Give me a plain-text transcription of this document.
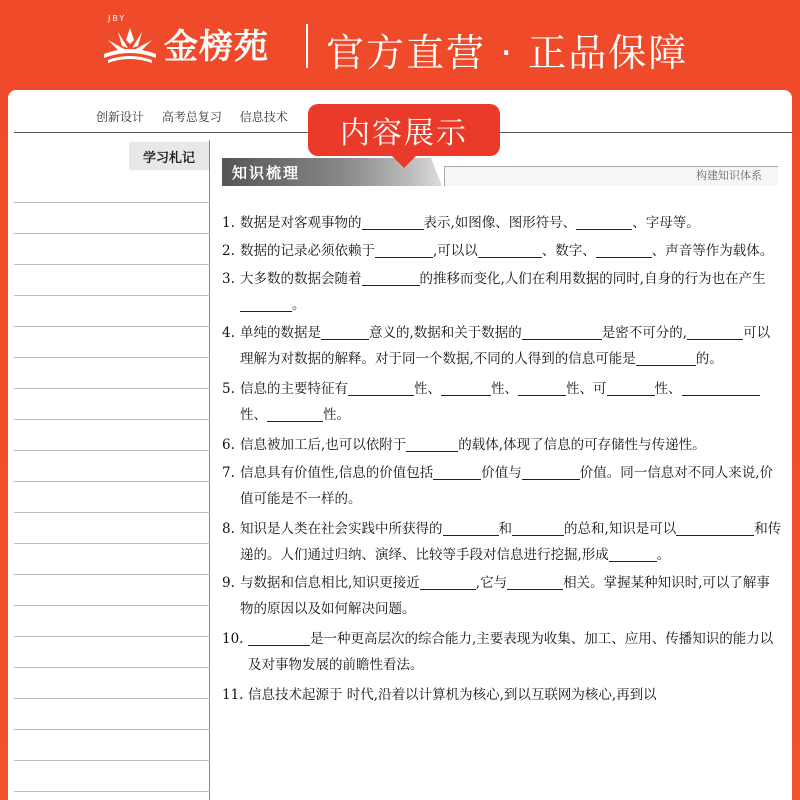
JBY
金榜苑 官方直营 · 正品保障
创新设计 高考总复习 信息技术
学习札记
内容展示
知识梳理	构建知识体系
1. 数据是对客观事物的	表示,如图像、图形符号、	、字母等。
2. 数据的记录必须依赖于	,可以以	、数字、	、声音等作为载体。
3. 大多数的数据会随着	的推移而变化,人们在利用数据的同时,自身的行为也在产生。
4. 单纯的数据是	意义的,数据和关于数据的	是密不可分的,	可以理解为对数据的解释。对于同一个数据,不同的人得到的信息可能是	的。
5. 信息的主要特征有	性、	性、	性、可	性、性、	性。
6. 信息被加工后,也可以依附于	的载体,体现了信息的可存储性与传递性。
7. 信息具有价值性,信息的价值包括	价值与	价值。同一信息对不同人来说,价值可能是不一样的。
8. 知识是人类在社会实践中所获得的	和	的总和,知识是可以	和传递的。人们通过归纳、演绎、比较等手段对信息进行挖掘,形成	。
9. 与数据和信息相比,知识更接近	,它与	相关。掌握某种知识时,可以了解事物的原因以及如何解决问题。
10.	是一种更高层次的综合能力,主要表现为收集、加工、应用、传播知识的能力以及对事物发展的前瞻性看法。
11. 信息技术起源于 时代,沿着以计算机为核心,到以互联网为核心,再到以
